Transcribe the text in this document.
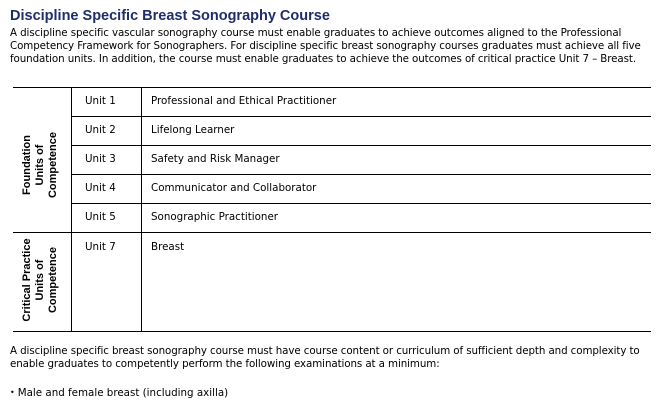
Discipline Specific Breast Sonography Course
A discipline specific vascular sonography course must enable graduates to achieve outcomes aligned to the Professional
Competency Framework for Sonographers. For discipline specific breast sonography courses graduates must achieve all five
foundation units. In addition, the course must enable graduates to achieve the outcomes of critical practice Unit 7 – Breast.
Foundation Units of Competence
Critical Practice Units of Competence
Unit 1	Professional and Ethical Practitioner
Unit 2	Lifelong Learner
Unit 3	Safety and Risk Manager
Unit 4	Communicator and Collaborator
Unit 5	Sonographic Practitioner
Unit 7	Breast
A discipline specific breast sonography course must have course content or curriculum of sufficient depth and complexity to
enable graduates to competently perform the following examinations at a minimum:
• Male and female breast (including axilla)
